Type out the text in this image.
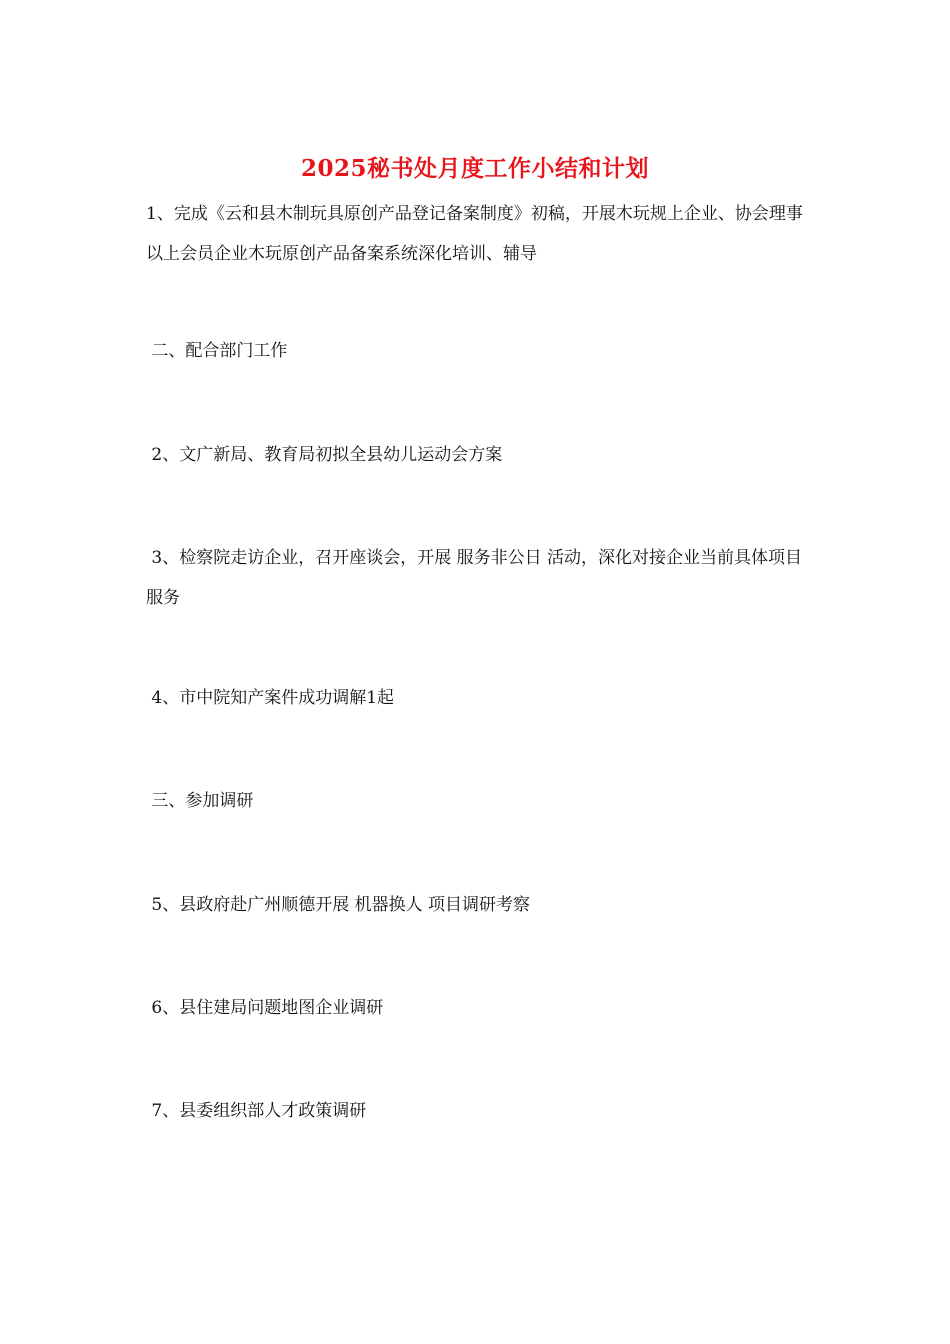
2025秘书处月度工作小结和计划
1、完成《云和县木制玩具原创产品登记备案制度》初稿，开展木玩规上企业、协会理事以上会员企业木玩原创产品备案系统深化培训、辅导
二、配合部门工作
2、文广新局、教育局初拟全县幼儿运动会方案
3、检察院走访企业，召开座谈会，开展 服务非公日 活动，深化对接企业当前具体项目服务
4、市中院知产案件成功调解1起
三、参加调研
5、县政府赴广州顺德开展 机器换人 项目调研考察
6、县住建局问题地图企业调研
7、县委组织部人才政策调研
